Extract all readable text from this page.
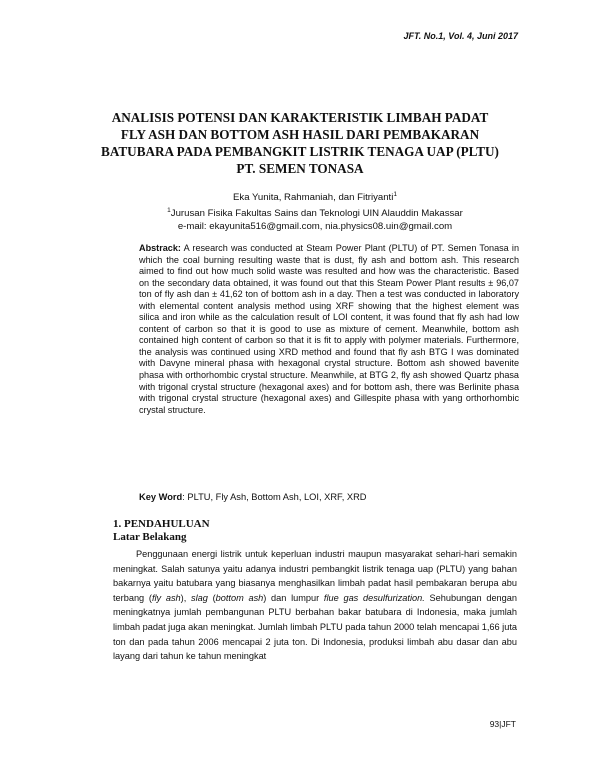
JFT. No.1, Vol. 4, Juni 2017
ANALISIS POTENSI DAN KARAKTERISTIK LIMBAH PADAT FLY ASH DAN BOTTOM ASH HASIL DARI PEMBAKARAN BATUBARA PADA PEMBANGKIT LISTRIK TENAGA UAP (PLTU) PT. SEMEN TONASA
Eka Yunita, Rahmaniah, dan Fitriyanti$^1$
$^1$Jurusan Fisika Fakultas Sains dan Teknologi UIN Alauddin Makassar
e-mail: ekayunita516@gmail.com, nia.physics08.uin@gmail.com

Abstrack: A research was conducted at Steam Power Plant (PLTU) of PT. Semen Tonasa in which the coal burning resulting waste that is dust, fly ash and bottom ash. This research aimed to find out how much solid waste was resulted and how was the characteristic. Based on the secondary data obtained, it was found out that this Steam Power Plant results ± 96,07 ton of fly ash dan ± 41,62 ton of bottom ash in a day. Then a test was conducted in laboratory with elemental content analysis method using XRF showing that the highest element was silica and iron while as the calculation result of LOI content, it was found that fly ash had low content of carbon so that it is good to use as mixture of cement. Meanwhile, bottom ash contained high content of carbon so that it is fit to apply with polymer materials. Furthermore, the analysis was continued using XRD method and found that fly ash BTG I was dominated with Davyne mineral phasa with hexagonal crystal structure. Bottom ash showed bavenite phasa with orthorhombic crystal structure. Meanwhile, at BTG 2, fly ash showed Quartz phasa with trigonal crystal structure (hexagonal axes) and for bottom ash, there was Berlinite phasa with trigonal crystal structure (hexagonal axes) and Gillespite phasa with yang orthorhombic crystal structure.

Key Word: PLTU, Fly Ash, Bottom Ash, LOI, XRF, XRD

1. PENDAHULUAN
Latar Belakang

   Penggunaan energi listrik untuk keperluan industri maupun masyarakat sehari-hari semakin meningkat. Salah satunya yaitu adanya industri pembangkit listrik tenaga uap (PLTU) yang bahan bakarnya yaitu batubara yang biasanya menghasilkan limbah padat hasil pembakaran berupa abu terbang (fly ash), slag (bottom ash) dan lumpur flue gas desulfurization. Sehubungan dengan meningkatnya jumlah pembangunan PLTU berbahan bakar batubara di Indonesia, maka jumlah limbah padat juga akan meningkat. Jumlah limbah PLTU pada tahun 2000 telah mencapai 1,66 juta ton dan pada tahun 2006 mencapai 2 juta ton. Di Indonesia, produksi limbah abu dasar dan abu layang dari tahun ke tahun meningkat

93|JFT
